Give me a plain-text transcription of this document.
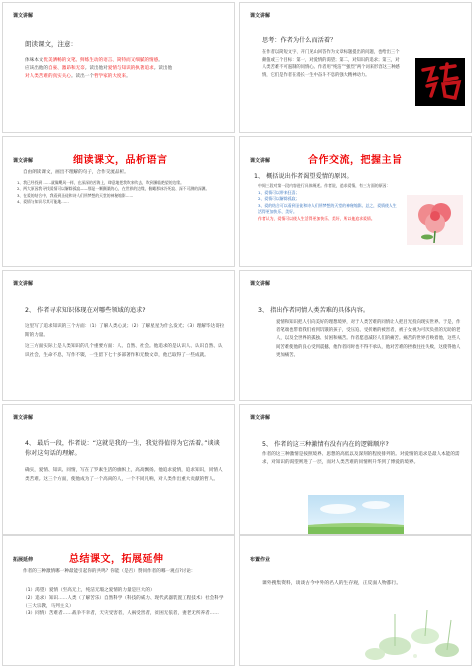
课文讲解
朗读课文，注意：
体味本文优美洒畅的文笔、鲜练生动的语言、简特而又细腻的情感。
应该出他的自豪、激昂和无奈。读出他对爱情与知识的执著追求。读出他
对人类苦难的真实关心。读出一个哲学家的大度来。
课文讲解
思考：作者为什么而活着？
在作者以简短文字、开门见山回答作为文章标题提出的问题，也给出三个颇值或三个目标：第一，对爱情的渴望；第二，对知识的追求；第三，对人类苦难不可遏制的同情心。作者用“纯洁”“强烈”两个词来形容这三种感情，它们是作者在漫长一生中奋斗不息的强大精神动力。
课文讲解	细读课文，品析语言
自由朗读课文，画出不理解的句子，合作交流品析。
1、我已经找到 ……就像飓风一样，在深深的苦海上，肆意地把我吹来吹去，吹到濒临绝望的边缘。
2、两大原因我寻找爱情可以解除孤寂——那是一颗颤栗的心，在世界的边缘，俯瞰那冰冷死寂、深不可测的深渊。
3、在爱的结合中，我看到圣徒和诗人们所梦想的天堂的神秘缩影……
4、爱情与知识尽其可能地……
课文讲解	合作交流，把握主旨
1、 概括说出作者渴望爱情的原因。
中间三段对第一段内容进行具体阐述。作者说，追求爱情，有三方面的原因：
1、爱情可以带来狂喜；
2、爱情可以解除孤寂；
3、爱的结合可以看到圣徒和诗人们所梦想的天堂的神秘缩影。总之，爱情使人生活得更加快乐、美好。
作者认为，爱情可以使人生活得更加快乐、美好，所以他追求爱情。
课文讲解
2、 作者寻求知识体现在对哪些领域的追求?
这里写了追求知识的三个方面：（1）了解人类心灵；（2）了解星星为什么发光；（3）理解毕达哥拉斯的力量。
这三方面实际上是人类知识的几个重要方面：人、自然、社会。他追求的是认识人、认识自然、认识社会，生命不息，写作不辍，一生留下七十多部著作和无数文章，他已取得了一些成就。
课文讲解
3、 指出作者同情人类苦难的具体内容。
爱情和知识把人引向美好的理想境界，对于人类苦难的同情让人把目光投向现实世界。于是，作者笔端也带着我们看到饥饿的孩子，受压迫、受折磨的被害者，被子女视为可厌负担的无助的老人，以及全世界的孤独、贫困和痛苦。作者愿意减轻人们的痛苦。痛苦的世界召唤着他，这些人间苦难使他的良心受到震撼，他作者同时也不得不承认，他对苦难的拯救往往失败，这使得他人更加痛苦。
课文讲解
4、 最后一段，作者说：“这就是我的一生，我觉得值得为它活着。”谈谈你对这句话的理解。
确实，爱情、知识、同情，写在了罗素生活的旗帜上，高高飘扬。他追求爱情，追求知识，同情人类苦难。这三个方面，使他成为了一个高尚的人，一个不同凡响，对人类作出重大贡献的哲人。
课文讲解
5、 作者的这三种激情有没有内在的逻辑顺序?
作者的这三种激情是按照境界、思想的高低以及深刻的程度排列的。对爱情的追求是最人本能的需求，对知识的渴望则进了一层，而对人类苦难的同情则升华到了博爱的境界。
拓展延伸	总结课文，拓展延伸
作者的三种激情哪一种最能引起你的共鸣？你能（是否）赞同作者的哪一观点?讨论：
（1）渴望）爱情（至高无上，纯洁无瑕之爱情的力量是巨大的）
（2）追求）知识……人类（了解苦乐）自然科学（科技的威力、现代武器装置工程技术）社会科学（三大宗教，马列主义）
（3）同情）苦难者……战争不幸者，天灾受害者，人祸受害者，贫困无依者，妻老无所养者……
布置作业
课外搜集资料，谈谈古今中外的名人的生存观，正反面人物都行。
